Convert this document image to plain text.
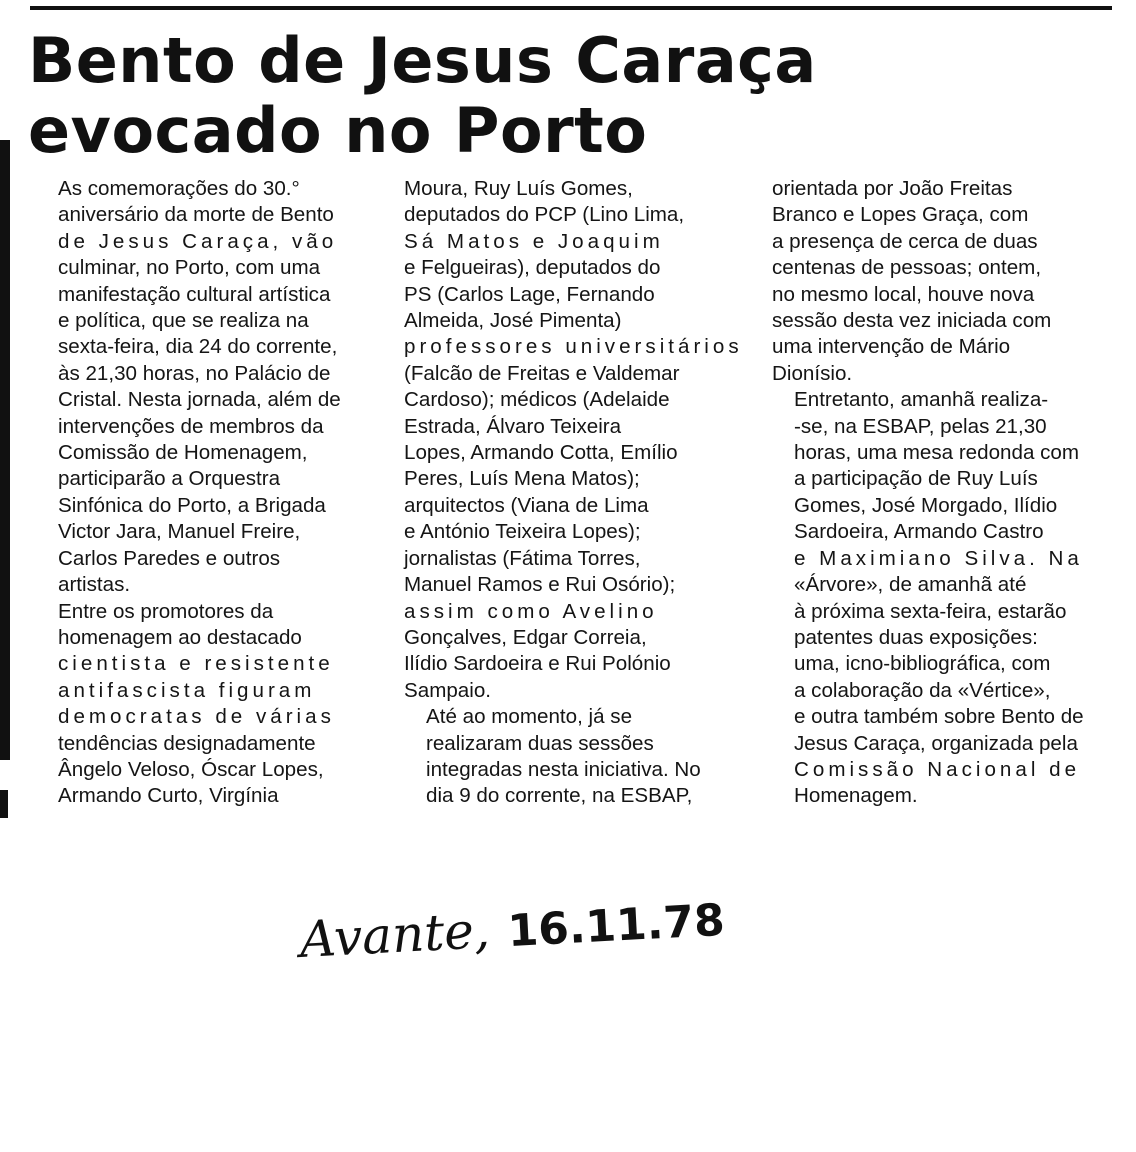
Bento de Jesus Caraça
evocado no Porto

As comemorações do 30.°
aniversário da morte de Bento
de Jesus Caraça, vão
culminar, no Porto, com uma
manifestação cultural artística
e política, que se realiza na
sexta-feira, dia 24 do corrente,
às 21,30 horas, no Palácio de
Cristal. Nesta jornada, além de
intervenções de membros da
Comissão de Homenagem,
participarão a Orquestra
Sinfónica do Porto, a Brigada
Victor Jara, Manuel Freire,
Carlos Paredes e outros
artistas.

Entre os promotores da
homenagem ao destacado
cientista e resistente
antifascista figuram
democratas de várias
tendências designadamente
Ângelo Veloso, Óscar Lopes,
Armando Curto, Virgínia

Moura, Ruy Luís Gomes,
deputados do PCP (Lino Lima,
Sá Matos e Joaquim
e Felgueiras), deputados do
PS (Carlos Lage, Fernando
Almeida, José Pimenta)
professores universitários
(Falcão de Freitas e Valdemar
Cardoso); médicos (Adelaide
Estrada, Álvaro Teixeira
Lopes, Armando Cotta, Emílio
Peres, Luís Mena Matos);
arquitectos (Viana de Lima
e António Teixeira Lopes);
jornalistas (Fátima Torres,
Manuel Ramos e Rui Osório);
assim como Avelino
Gonçalves, Edgar Correia,
Ilídio Sardoeira e Rui Polónio
Sampaio.

Até ao momento, já se
realizaram duas sessões
integradas nesta iniciativa. No
dia 9 do corrente, na ESBAP,

orientada por João Freitas
Branco e Lopes Graça, com
a presença de cerca de duas
centenas de pessoas; ontem,
no mesmo local, houve nova
sessão desta vez iniciada com
uma intervenção de Mário
Dionísio.

Entretanto, amanhã realiza-
-se, na ESBAP, pelas 21,30
horas, uma mesa redonda com
a participação de Ruy Luís
Gomes, José Morgado, Ilídio
Sardoeira, Armando Castro
e Maximiano Silva. Na
«Árvore», de amanhã até
à próxima sexta-feira, estarão
patentes duas exposições:
uma, icno-bibliográfica, com
a colaboração da «Vértice»,
e outra também sobre Bento de
Jesus Caraça, organizada pela
Comissão Nacional de
Homenagem.

Avante, 16.11.78
